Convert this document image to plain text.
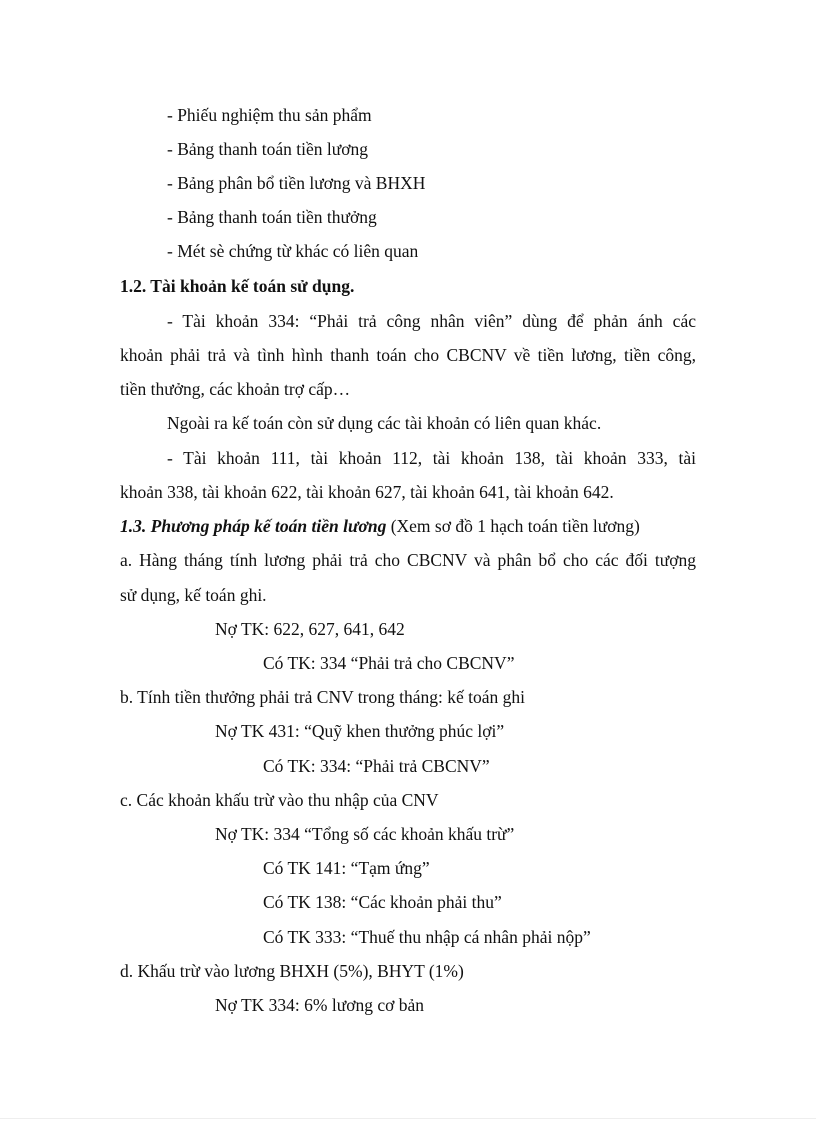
- Phiếu nghiệm thu sản phẩm
- Bảng thanh toán tiền lương
- Bảng phân bổ tiền lương và BHXH
- Bảng thanh toán tiền thưởng
- Mét sè chứng từ khác có liên quan
1.2. Tài khoản kế toán sử dụng.
- Tài khoản 334: “Phải trả công nhân viên” dùng để phản ánh các
khoản phải trả và tình hình thanh toán cho CBCNV về tiền lương, tiền công,
tiền thưởng, các khoản trợ cấp…
Ngoài ra kế toán còn sử dụng các tài khoản có liên quan khác.
- Tài khoản 111, tài khoản 112, tài khoản 138, tài khoản 333, tài
khoản 338, tài khoản 622, tài khoản 627, tài khoản 641, tài khoản 642.
1.3. Phương pháp kế toán tiền lương (Xem sơ đồ 1 hạch toán tiền lương)
a. Hàng tháng tính lương phải trả cho CBCNV và phân bổ cho các đối tượng
sử dụng, kế toán ghi.
Nợ TK: 622, 627, 641, 642
Có TK: 334 “Phải trả cho CBCNV”
b. Tính tiền thưởng phải trả CNV trong tháng: kế toán ghi
Nợ TK 431: “Quỹ khen thưởng phúc lợi”
Có TK: 334: “Phải trả CBCNV”
c. Các khoản khấu trừ vào thu nhập của CNV
Nợ TK: 334 “Tổng số các khoản khấu trừ”
Có TK 141: “Tạm ứng”
Có TK 138: “Các khoản phải thu”
Có TK 333: “Thuế thu nhập cá nhân phải nộp”
d. Khấu trừ vào lương BHXH (5%), BHYT (1%)
Nợ TK 334: 6% lương cơ bản
